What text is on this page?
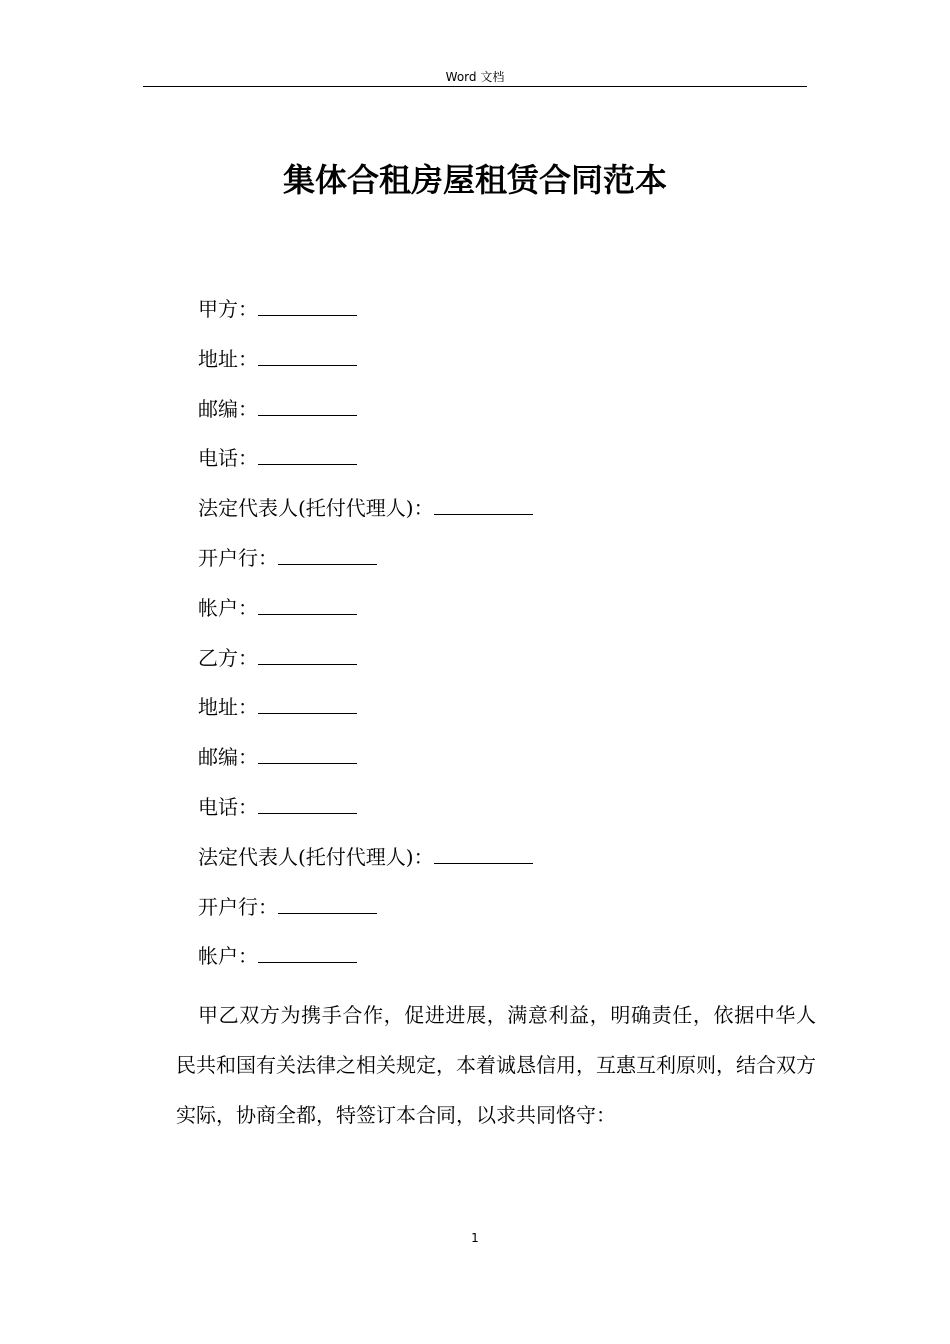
Word 文档
集体合租房屋租赁合同范本
甲方：
地址：
邮编：
电话：
法定代表人(托付代理人)：
开户行：
帐户：
乙方：
地址：
邮编：
电话：
法定代表人(托付代理人)：
开户行：
帐户：
甲乙双方为携手合作，促进进展，满意利益，明确责任，依据中华人民共和国有关法律之相关规定，本着诚恳信用，互惠互利原则，结合双方实际，协商全都，特签订本合同，以求共同恪守：
1
